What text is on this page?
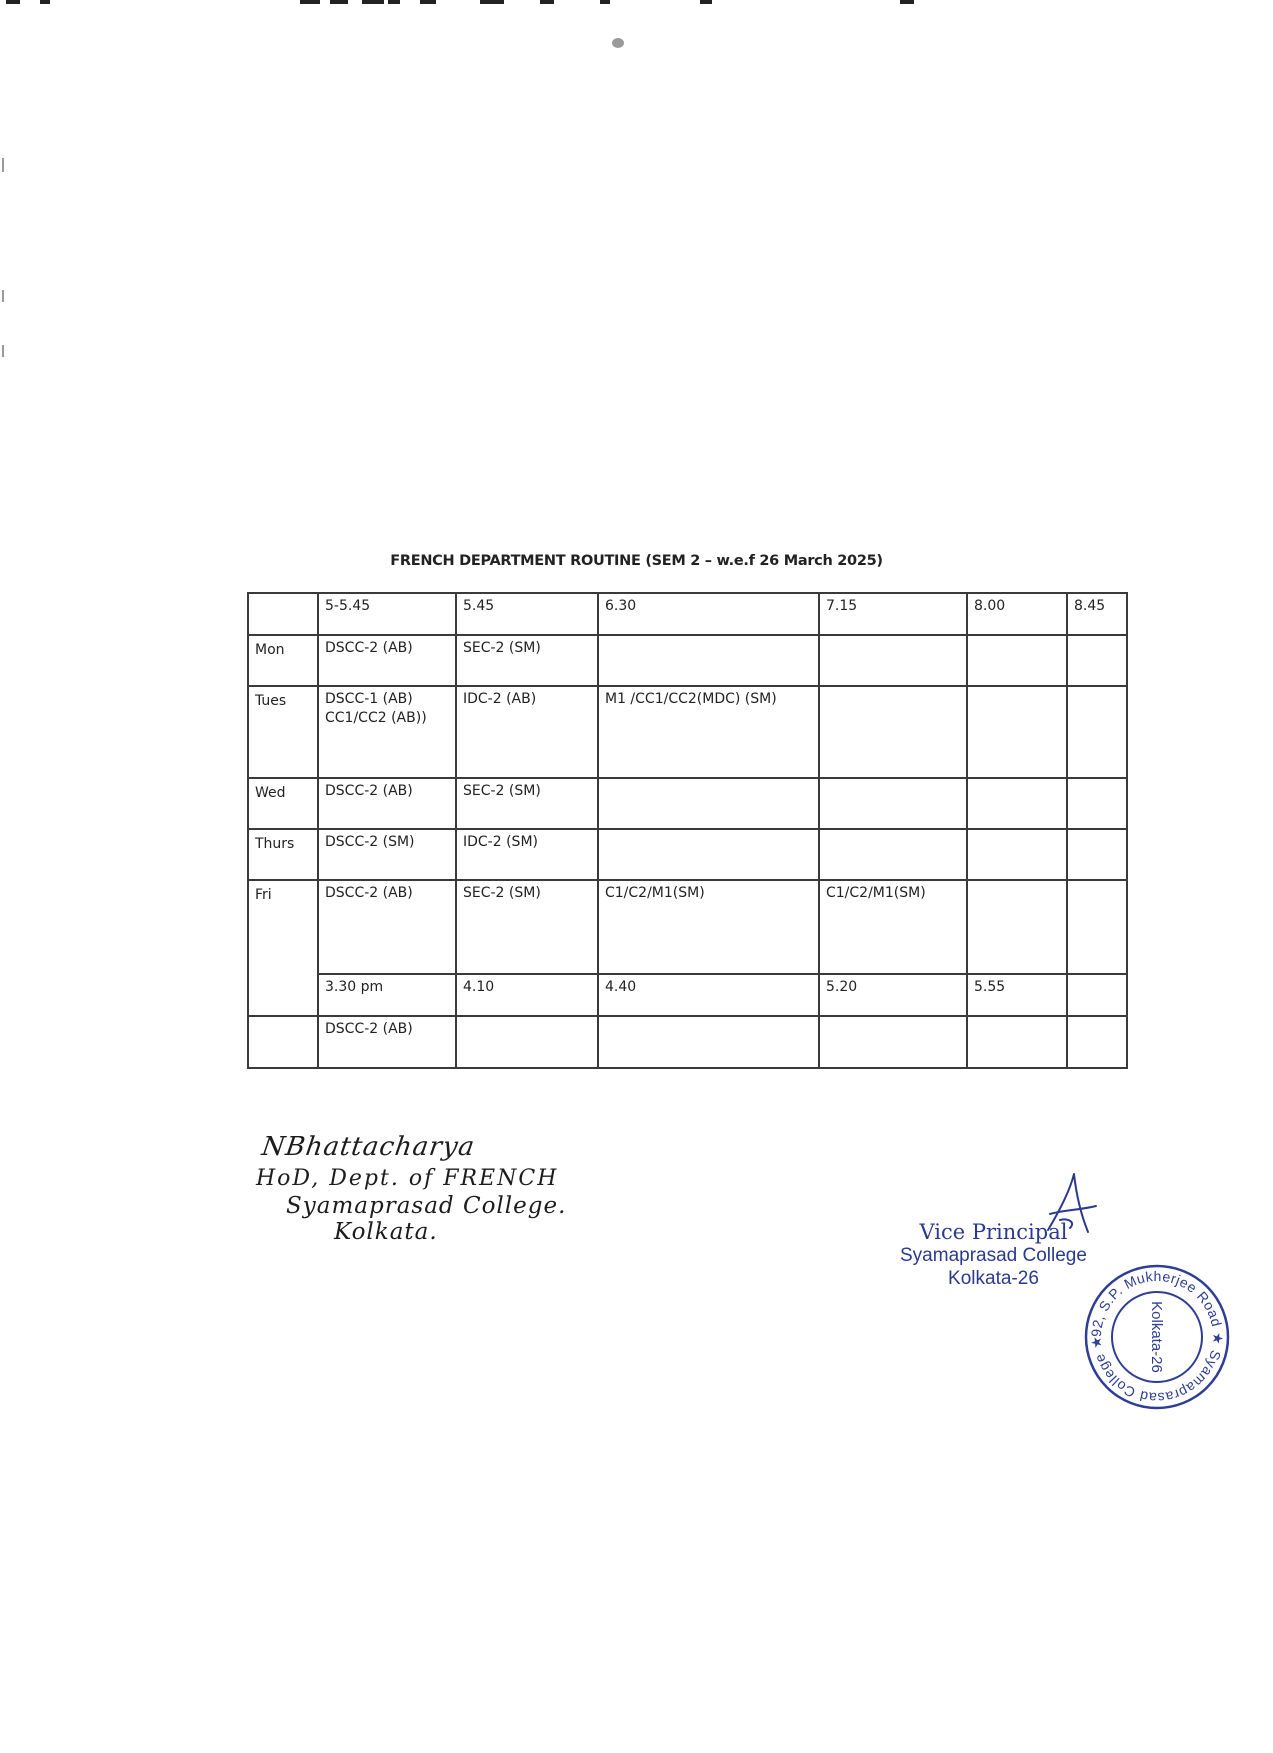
FRENCH DEPARTMENT ROUTINE (SEM 2 – w.e.f 26 March 2025)
	5-5.45	5.45	6.30	7.15	8.00	8.45
Mon	DSCC-2 (AB)	SEC-2 (SM)				

Tues	DSCC-1 (AB)
CC1/CC2 (AB))	IDC-2 (AB)	M1 /CC1/CC2(MDC) (SM)			

Wed	DSCC-2 (AB)	SEC-2 (SM)				

Thurs	DSCC-2 (SM)	IDC-2 (SM)				

Fri	DSCC-2 (AB)	SEC-2 (SM)	C1/C2/M1(SM)	C1/C2/M1(SM)		

	3.30 pm	4.10	4.40	5.20	5.55	

	DSCC-2 (AB)					

NBhattacharya
HoD, Dept. of FRENCH
Syamaprasad College.
Kolkata.	Vice Principal
Syamaprasad College
Kolkata-26
92, S.P. Mukherjee Road ★ Syamaprasad College ★	Kolkata-26
